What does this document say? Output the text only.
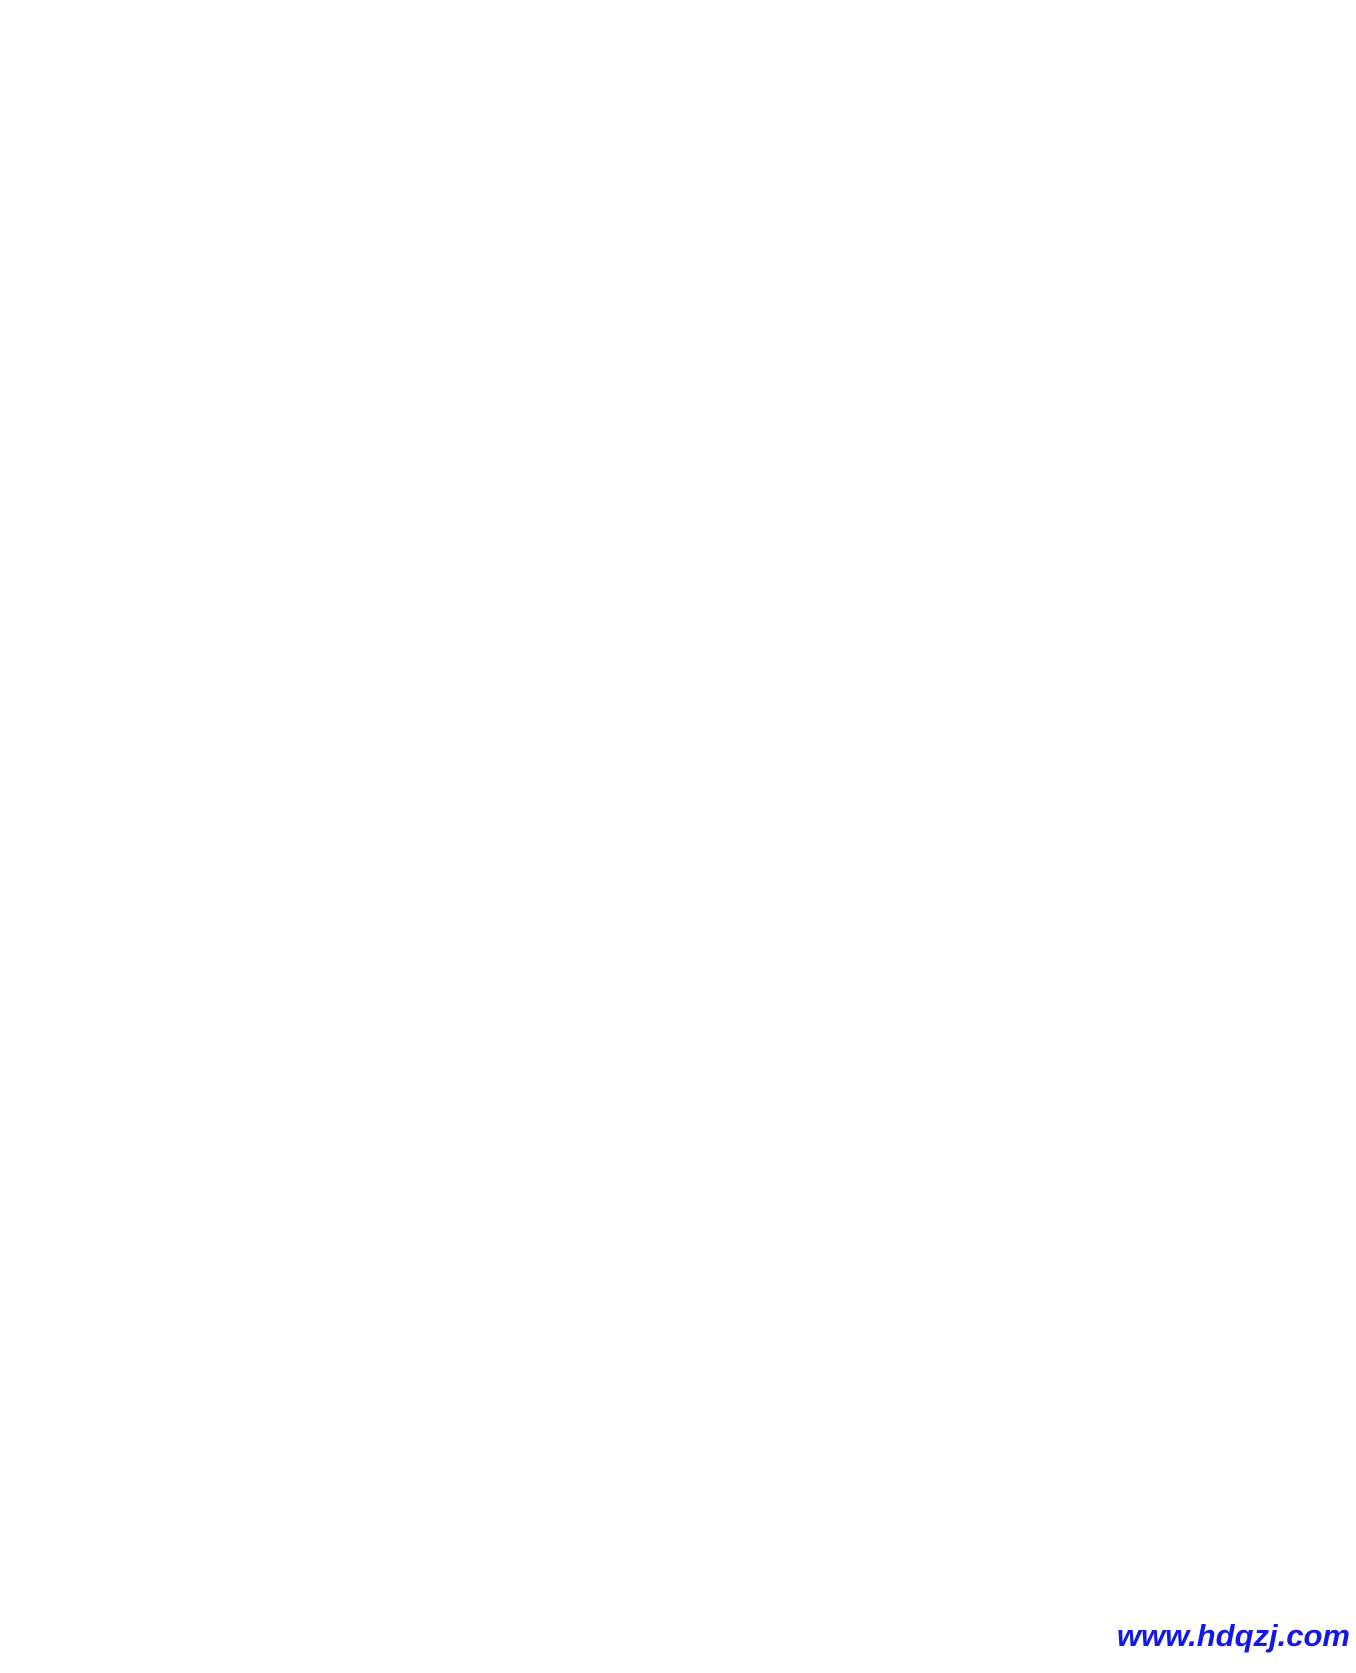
www.hdqzj.com
